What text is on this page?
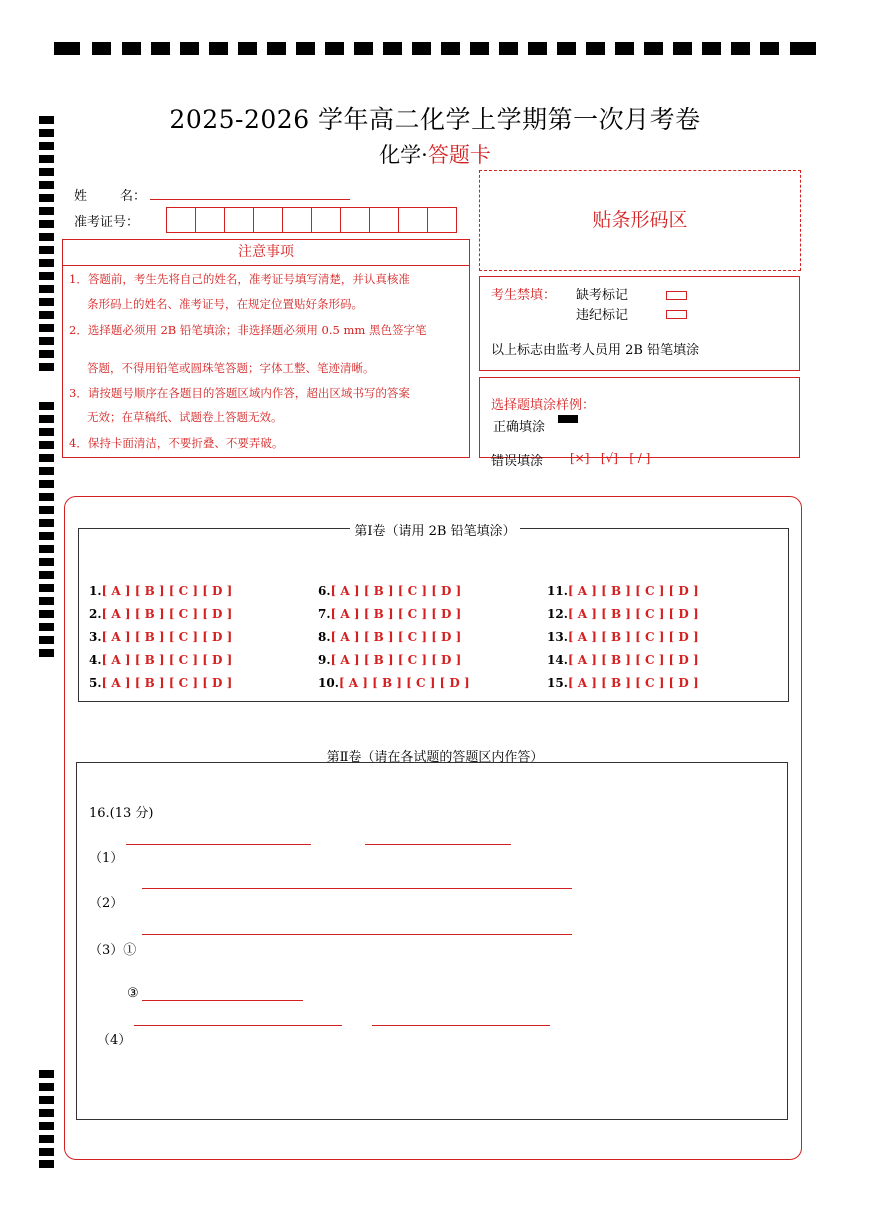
2025-2026 学年高二化学上学期第一次月考卷
化学·答题卡
姓        名：
准考证号：
注意事项
1．答题前，考生先将自己的姓名，准考证号填写清楚，并认真核准
条形码上的姓名、准考证号，在规定位置贴好条形码。
2．选择题必须用 2B 铅笔填涂；非选择题必须用 0.5 mm 黑色签字笔
答题，不得用铅笔或圆珠笔答题；字体工整、笔迹清晰。
3．请按题号顺序在各题目的答题区域内作答，超出区域书写的答案
无效；在草稿纸、试题卷上答题无效。
4．保持卡面清洁，不要折叠、不要弄破。
贴条形码区
考生禁填： 缺考标记
违纪标记
以上标志由监考人员用 2B 铅笔填涂
选择题填涂样例：
正确填涂
错误填涂 [×]   [√]   [ / ]
第Ⅰ卷（请用 2B 铅笔填涂）
1.[ A ] [ B ] [ C ] [ D ]
2.[ A ] [ B ] [ C ] [ D ]
3.[ A ] [ B ] [ C ] [ D ]
4.[ A ] [ B ] [ C ] [ D ]
5.[ A ] [ B ] [ C ] [ D ]
6.[ A ] [ B ] [ C ] [ D ]
7.[ A ] [ B ] [ C ] [ D ]
8.[ A ] [ B ] [ C ] [ D ]
9.[ A ] [ B ] [ C ] [ D ]
10.[ A ] [ B ] [ C ] [ D ]
11.[ A ] [ B ] [ C ] [ D ]
12.[ A ] [ B ] [ C ] [ D ]
13.[ A ] [ B ] [ C ] [ D ]
14.[ A ] [ B ] [ C ] [ D ]
15.[ A ] [ B ] [ C ] [ D ]
第Ⅱ卷（请在各试题的答题区内作答）
16.(13 分)
（1）
（2）
（3）①
③
（4）
